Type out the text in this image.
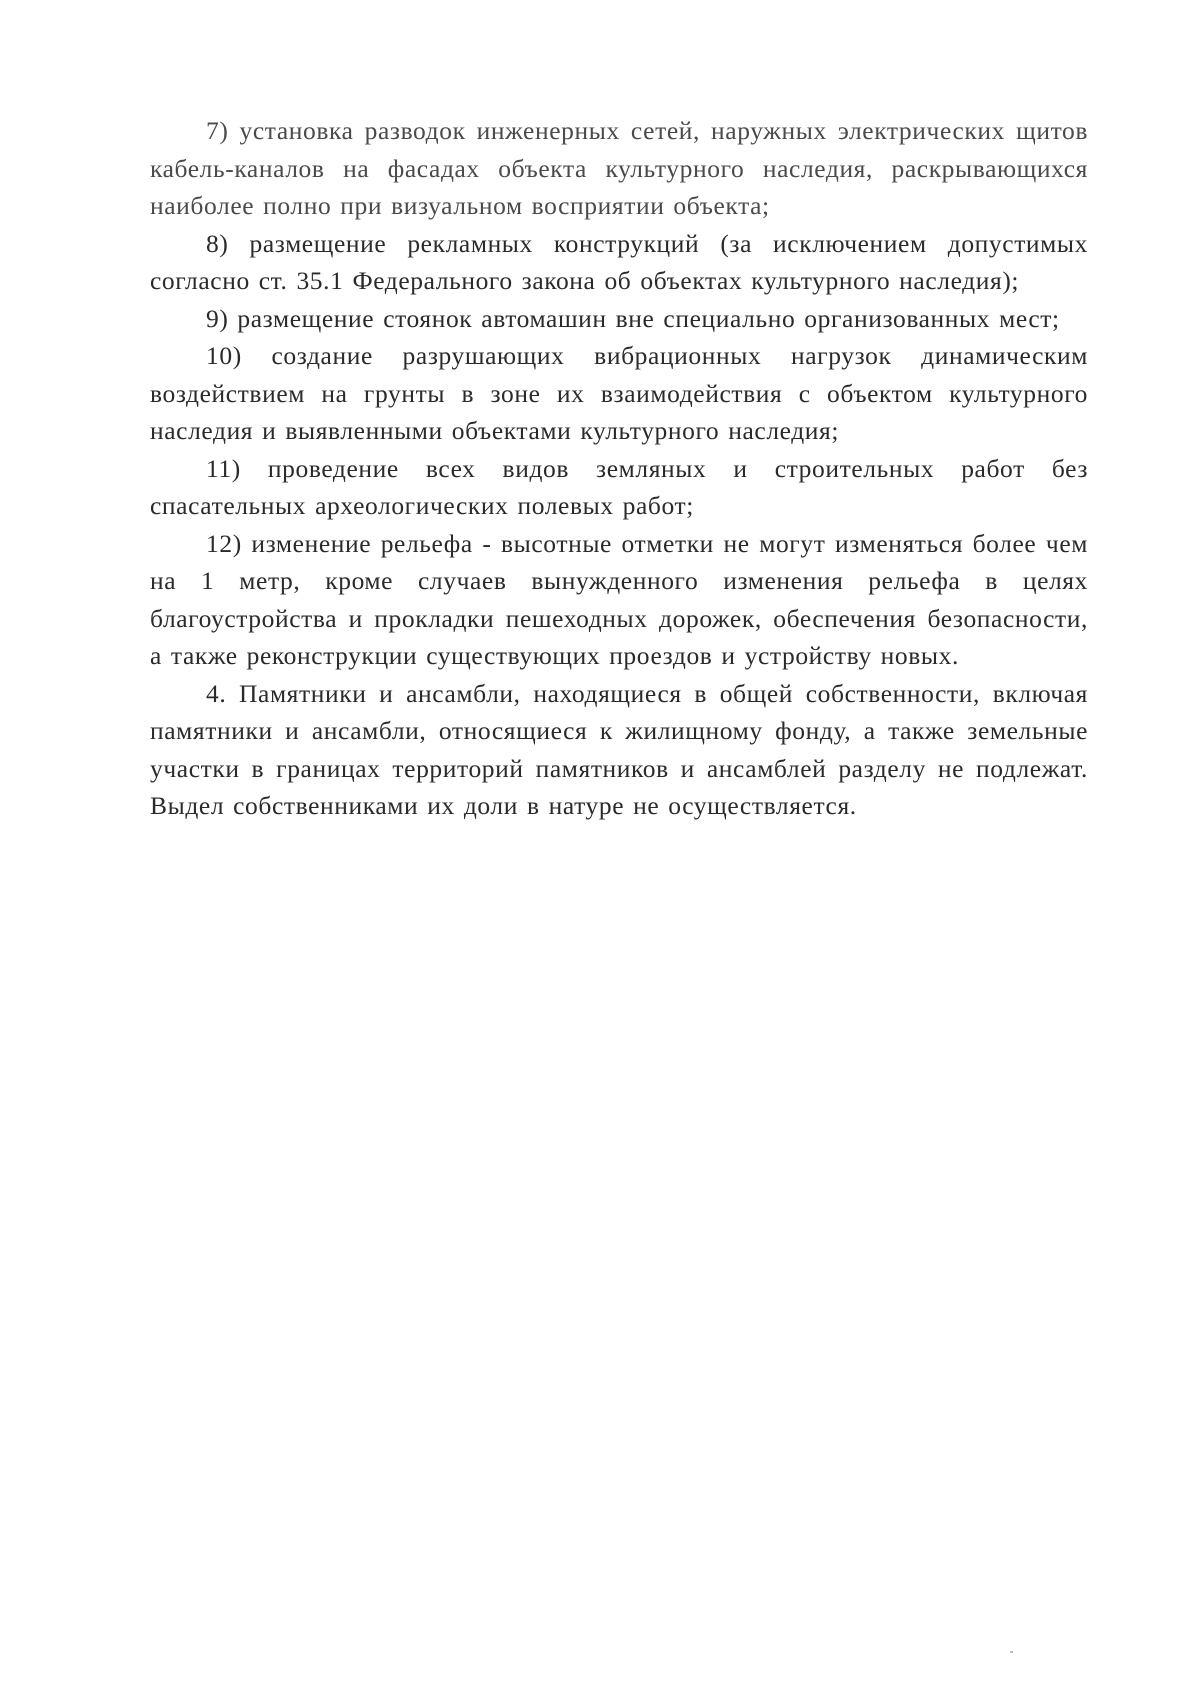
7) установка разводок инженерных сетей, наружных электрических щитов кабель-каналов на фасадах объекта культурного наследия, раскрывающихся наиболее полно при визуальном восприятии объекта;

8) размещение рекламных конструкций (за исключением допустимых согласно ст. 35.1 Федерального закона об объектах культурного наследия);

9) размещение стоянок автомашин вне специально организованных мест;

10) создание разрушающих вибрационных нагрузок динамическим воздействием на грунты в зоне их взаимодействия с объектом культурного наследия и выявленными объектами культурного наследия;

11) проведение всех видов земляных и строительных работ без спасательных археологических полевых работ;

12) изменение рельефа - высотные отметки не могут изменяться более чем на 1 метр, кроме случаев вынужденного изменения рельефа в целях благоустройства и прокладки пешеходных дорожек, обеспечения безопасности, а также реконструкции существующих проездов и устройству новых.

4. Памятники и ансамбли, находящиеся в общей собственности, включая памятники и ансамбли, относящиеся к жилищному фонду, а также земельные участки в границах территорий памятников и ансамблей разделу не подлежат. Выдел собственниками их доли в натуре не осуществляется.
